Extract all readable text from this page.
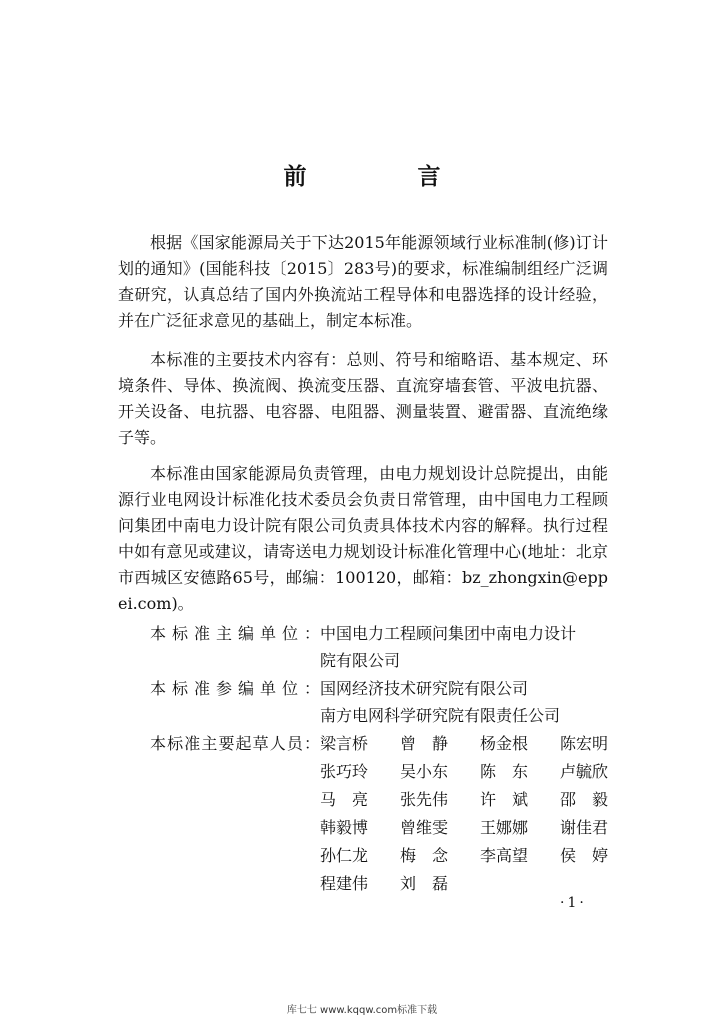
前　言

根据《国家能源局关于下达2015年能源领域行业标准制(修)订计划的通知》(国能科技〔2015〕283号)的要求，标准编制组经广泛调查研究，认真总结了国内外换流站工程导体和电器选择的设计经验，并在广泛征求意见的基础上，制定本标准。

本标准的主要技术内容有：总则、符号和缩略语、基本规定、环境条件、导体、换流阀、换流变压器、直流穿墙套管、平波电抗器、开关设备、电抗器、电容器、电阻器、测量装置、避雷器、直流绝缘子等。

本标准由国家能源局负责管理，由电力规划设计总院提出，由能源行业电网设计标准化技术委员会负责日常管理，由中国电力工程顾问集团中南电力设计院有限公司负责具体技术内容的解释。执行过程中如有意见或建议，请寄送电力规划设计标准化管理中心(地址：北京市西城区安德路65号，邮编：100120，邮箱：bz_zhongxin@eppei.com)。

本标准主编单位： 中国电力工程顾问集团中南电力设计
院有限公司
本标准参编单位： 国网经济技术研究院有限公司
南方电网科学研究院有限责任公司
本标准主要起草人员： 梁言桥	曾　静	杨金根	陈宏明
张巧玲	吴小东	陈　东	卢毓欣
马　亮	张先伟	许　斌	邵　毅
韩毅博	曾维雯	王娜娜	谢佳君
孙仁龙	梅　念	李高望	侯　婷
程建伟	刘　磊
·1·
库七七 www.kqqw.com标准下载
